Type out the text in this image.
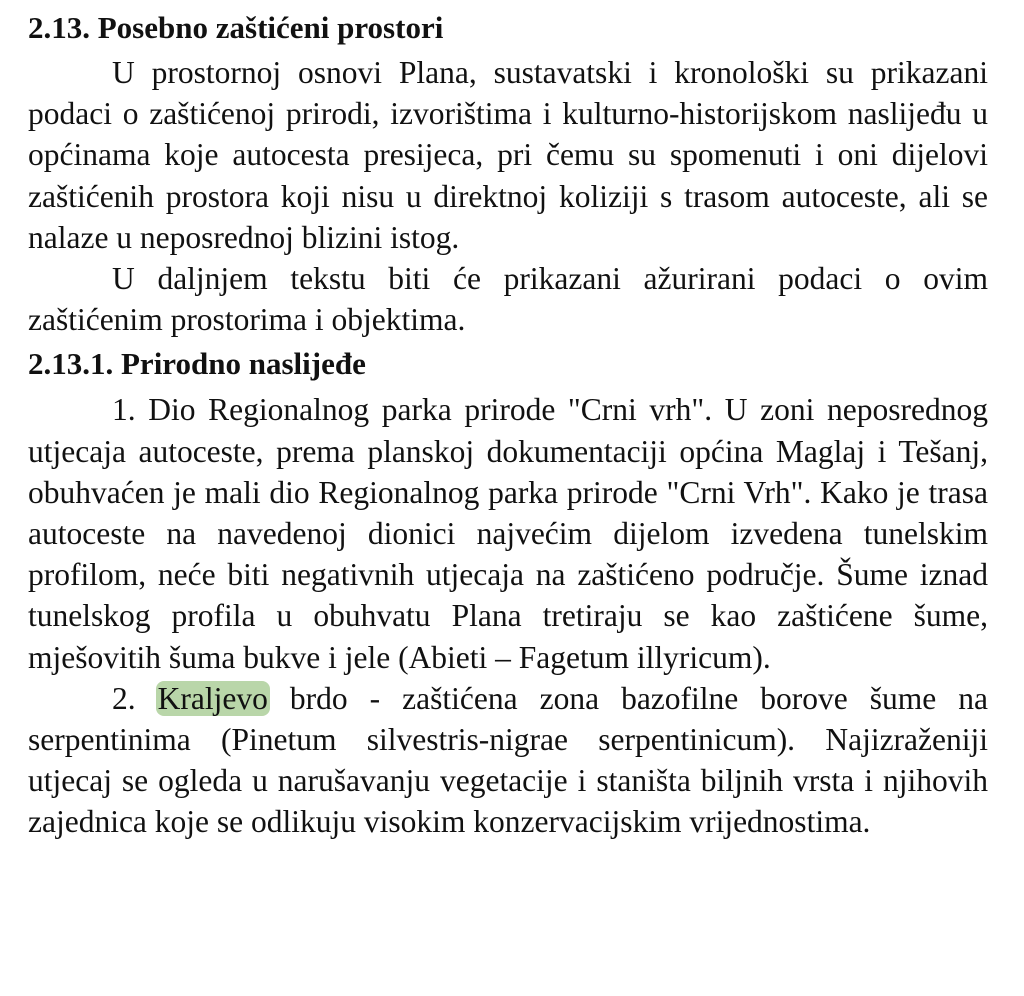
2.13. Posebno zaštićeni prostori

U prostornoj osnovi Plana, sustavatski i kronološki su prikazani podaci o zaštićenoj prirodi, izvorištima i kulturno-historijskom naslijeđu u općinama koje autocesta presijeca, pri čemu su spomenuti i oni dijelovi zaštićenih prostora koji nisu u direktnoj koliziji s trasom autoceste, ali se nalaze u neposrednoj blizini istog.

U daljnjem tekstu biti će prikazani ažurirani podaci o ovim zaštićenim prostorima i objektima.

2.13.1. Prirodno naslijeđe

1. Dio Regionalnog parka prirode "Crni vrh". U zoni neposrednog utjecaja autoceste, prema planskoj dokumentaciji općina Maglaj i Tešanj, obuhvaćen je mali dio Regionalnog parka prirode "Crni Vrh". Kako je trasa autoceste na navedenoj dionici najvećim dijelom izvedena tunelskim profilom, neće biti negativnih utjecaja na zaštićeno područje. Šume iznad tunelskog profila u obuhvatu Plana tretiraju se kao zaštićene šume, mješovitih šuma bukve i jele (Abieti – Fagetum illyricum).

2. Kraljevo brdo - zaštićena zona bazofilne borove šume na serpentinima (Pinetum silvestris-nigrae serpentinicum). Najizraženiji utjecaj se ogleda u narušavanju vegetacije i staništa biljnih vrsta i njihovih zajednica koje se odlikuju visokim konzervacijskim vrijednostima.
